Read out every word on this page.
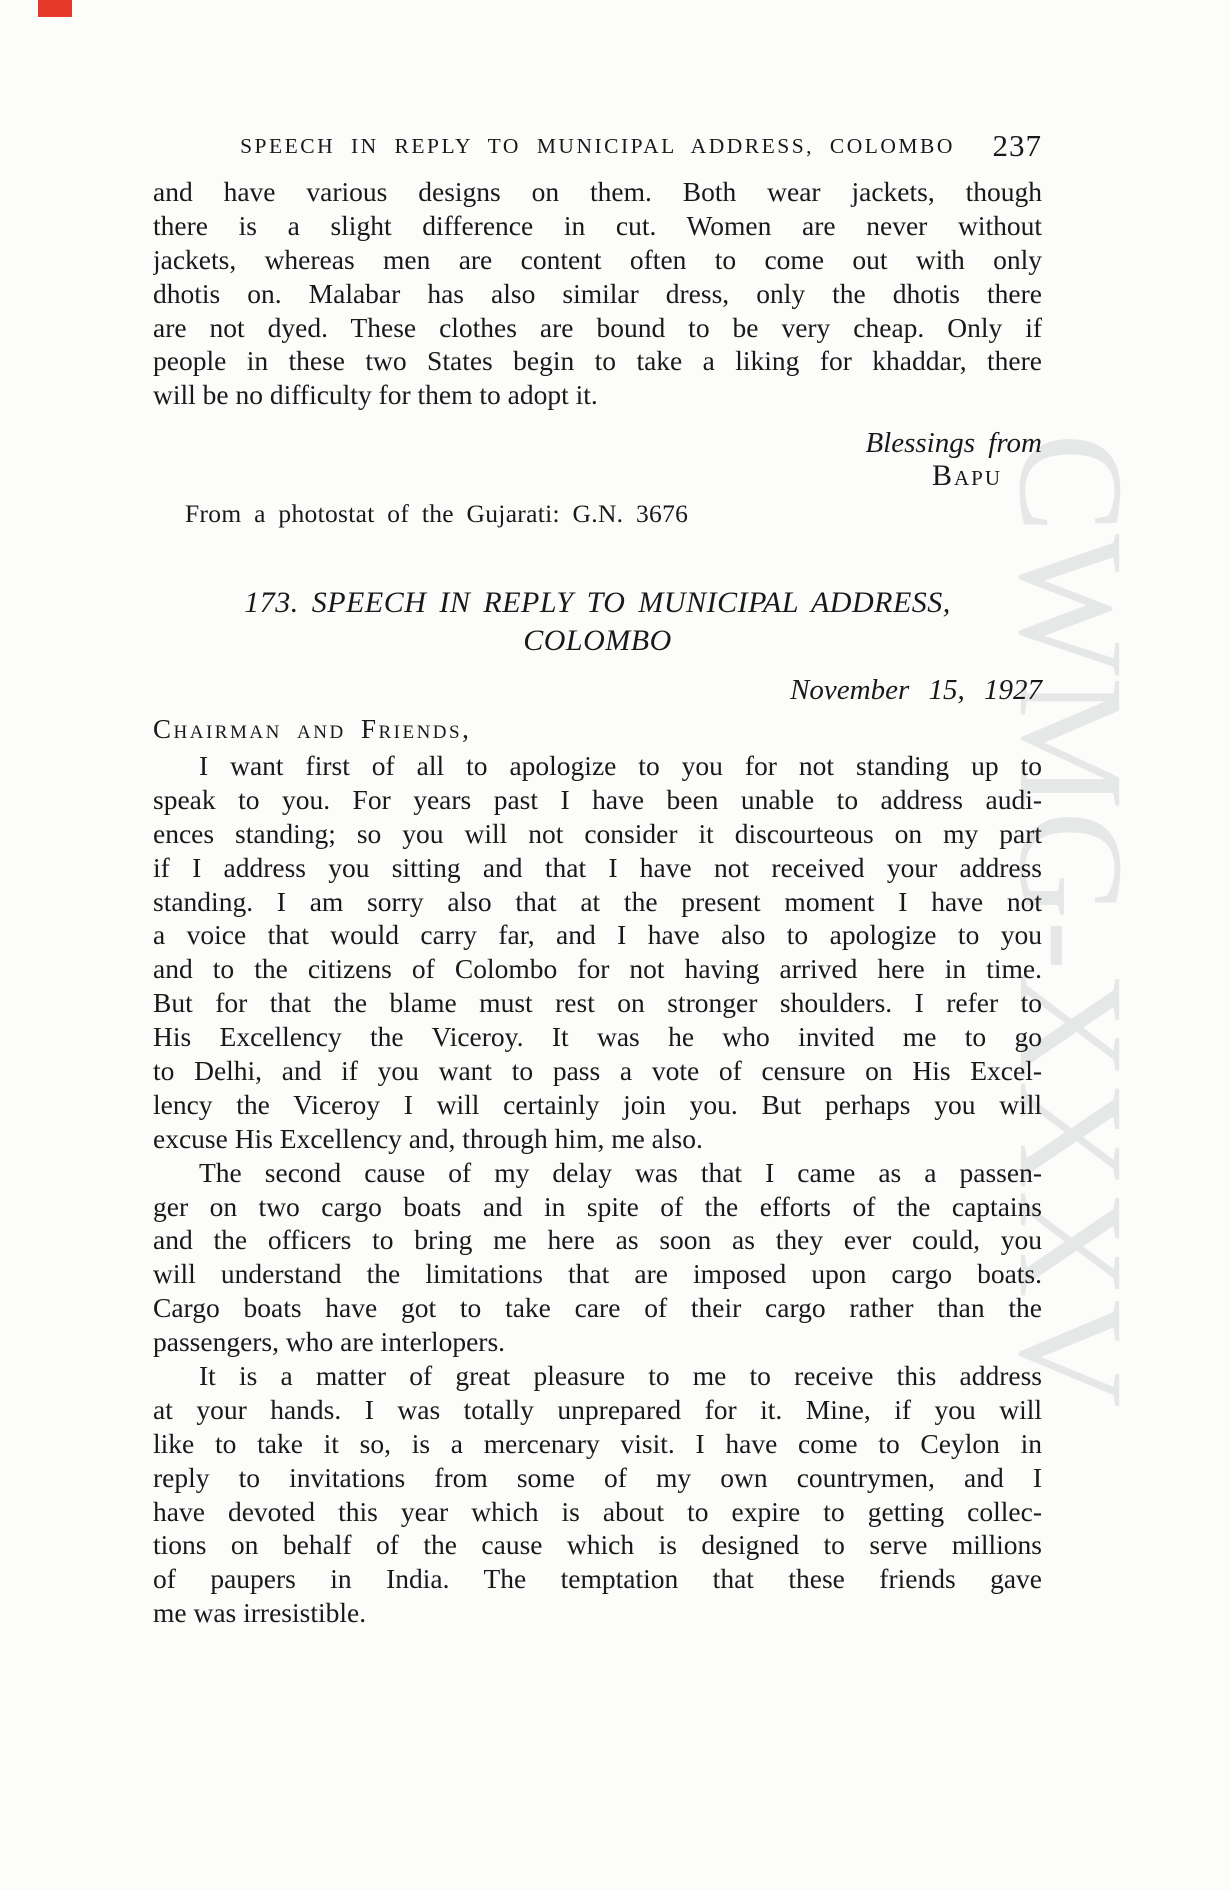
CWMG-XXXV
SPEECH IN REPLY TO MUNICIPAL ADDRESS, COLOMBO	237
and have various designs on them. Both wear jackets, though
there is a slight difference in cut. Women are never without
jackets, whereas men are content often to come out with only
dhotis on. Malabar has also similar dress, only the dhotis there
are not dyed. These clothes are bound to be very cheap. Only if
people in these two States begin to take a liking for khaddar, there
will be no difficulty for them to adopt it.
Blessings from
Bapu
From a photostat of the Gujarati: G.N. 3676
173. SPEECH IN REPLY TO MUNICIPAL ADDRESS,
COLOMBO
November 15, 1927
Chairman and Friends,
I want first of all to apologize to you for not standing up to
speak to you. For years past I have been unable to address audi-
ences standing; so you will not consider it discourteous on my part
if I address you sitting and that I have not received your address
standing. I am sorry also that at the present moment I have not
a voice that would carry far, and I have also to apologize to you
and to the citizens of Colombo for not having arrived here in time.
But for that the blame must rest on stronger shoulders. I refer to
His Excellency the Viceroy. It was he who invited me to go
to Delhi, and if you want to pass a vote of censure on His Excel-
lency the Viceroy I will certainly join you. But perhaps you will
excuse His Excellency and, through him, me also.
The second cause of my delay was that I came as a passen-
ger on two cargo boats and in spite of the efforts of the captains
and the officers to bring me here as soon as they ever could, you
will understand the limitations that are imposed upon cargo boats.
Cargo boats have got to take care of their cargo rather than the
passengers, who are interlopers.
It is a matter of great pleasure to me to receive this address
at your hands. I was totally unprepared for it. Mine, if you will
like to take it so, is a mercenary visit. I have come to Ceylon in
reply to invitations from some of my own countrymen, and I
have devoted this year which is about to expire to getting collec-
tions on behalf of the cause which is designed to serve millions
of paupers in India. The temptation that these friends gave
me was irresistible.
